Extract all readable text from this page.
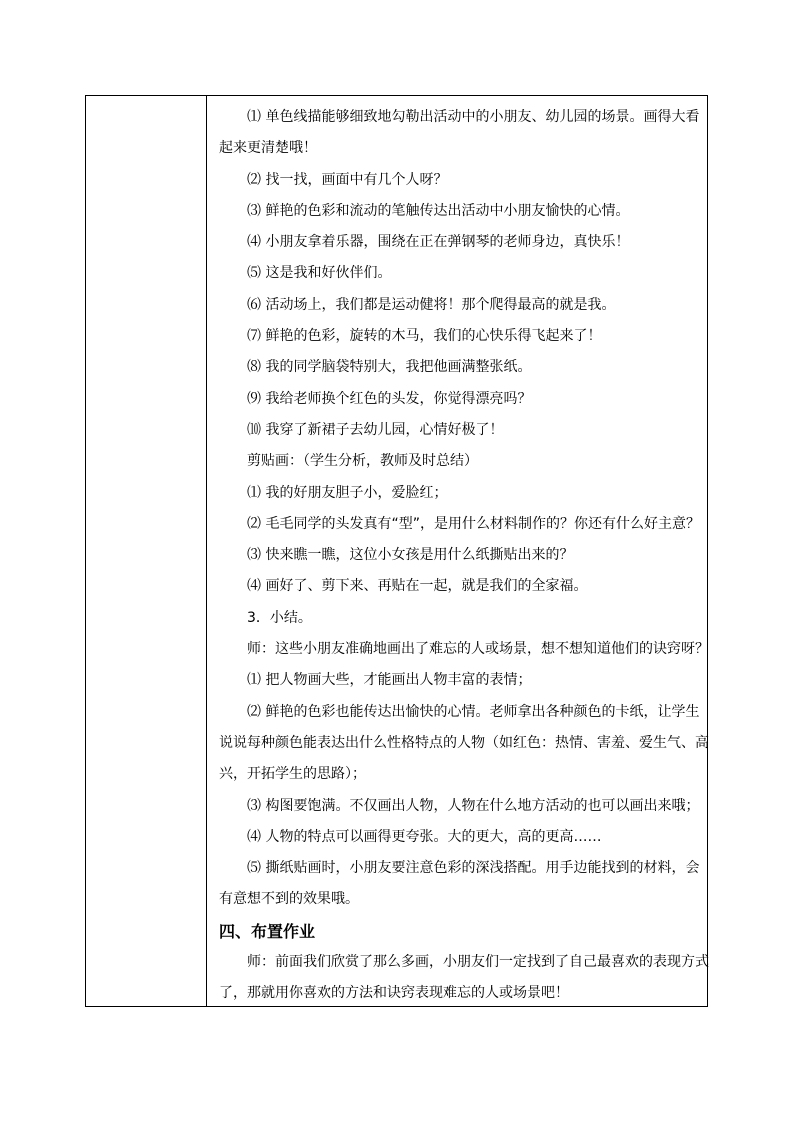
⑴ 单色线描能够细致地勾勒出活动中的小朋友、幼儿园的场景。画得大看

起来更清楚哦！

⑵ 找一找，画面中有几个人呀？

⑶ 鲜艳的色彩和流动的笔触传达出活动中小朋友愉快的心情。

⑷ 小朋友拿着乐器，围绕在正在弹钢琴的老师身边，真快乐！

⑸ 这是我和好伙伴们。

⑹ 活动场上，我们都是运动健将！那个爬得最高的就是我。

⑺ 鲜艳的色彩，旋转的木马，我们的心快乐得飞起来了！

⑻ 我的同学脑袋特别大，我把他画满整张纸。

⑼ 我给老师换个红色的头发，你觉得漂亮吗？

⑽ 我穿了新裙子去幼儿园，心情好极了！

剪贴画：（学生分析，教师及时总结）

⑴ 我的好朋友胆子小，爱脸红；

⑵ 毛毛同学的头发真有“型”，是用什么材料制作的？你还有什么好主意？

⑶ 快来瞧一瞧，这位小女孩是用什么纸撕贴出来的？

⑷ 画好了、剪下来、再贴在一起，就是我们的全家福。

3．小结。

师：这些小朋友准确地画出了难忘的人或场景，想不想知道他们的诀窍呀？

⑴ 把人物画大些，才能画出人物丰富的表情；

⑵ 鲜艳的色彩也能传达出愉快的心情。老师拿出各种颜色的卡纸，让学生

说说每种颜色能表达出什么性格特点的人物（如红色：热情、害羞、爱生气、高

兴，开拓学生的思路）；

⑶ 构图要饱满。不仅画出人物，人物在什么地方活动的也可以画出来哦；

⑷ 人物的特点可以画得更夸张。大的更大，高的更高……

⑸ 撕纸贴画时，小朋友要注意色彩的深浅搭配。用手边能找到的材料，会

有意想不到的效果哦。

四、布置作业

师：前面我们欣赏了那么多画，小朋友们一定找到了自己最喜欢的表现方式

了，那就用你喜欢的方法和诀窍表现难忘的人或场景吧！
